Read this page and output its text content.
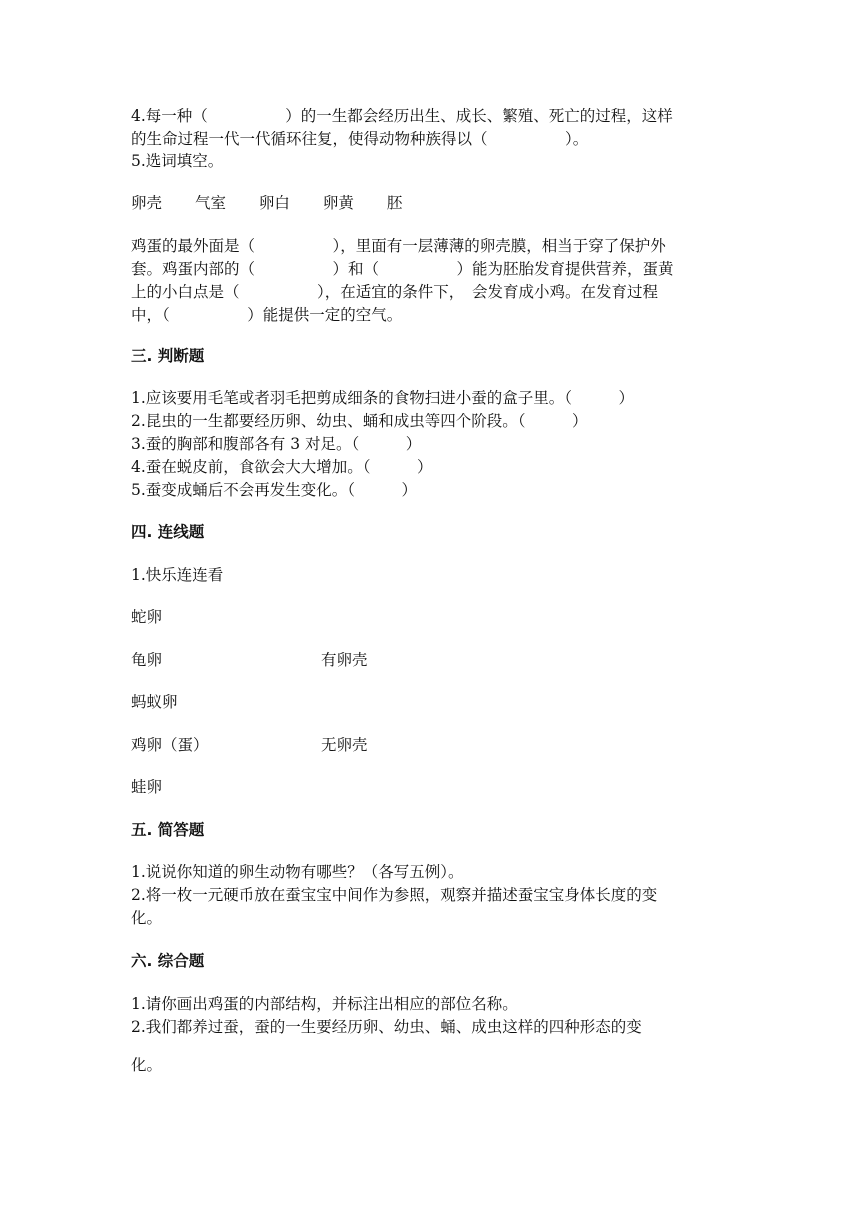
4.每一种（　　　　　）的一生都会经历出生、成长、繁殖、死亡的过程，这样
的生命过程一代一代循环往复，使得动物种族得以（　　　　　）。
5.选词填空。
卵壳 气室 卵白 卵黄 胚
鸡蛋的最外面是（　　　　　），里面有一层薄薄的卵壳膜，相当于穿了保护外
套。鸡蛋内部的（　　　　　）和（　　　　　）能为胚胎发育提供营养，蛋黄
上的小白点是（　　　　　），在适宜的条件下，　会发育成小鸡。在发育过程
中，（　　　　　）能提供一定的空气。
三. 判断题
1.应该要用毛笔或者羽毛把剪成细条的食物扫进小蚕的盒子里。（　　　）
2.昆虫的一生都要经历卵、幼虫、蛹和成虫等四个阶段。（　　　）
3.蚕的胸部和腹部各有 3 对足。（　　　）
4.蚕在蜕皮前，食欲会大大增加。（　　　）
5.蚕变成蛹后不会再发生变化。（　　　）
四. 连线题
1.快乐连连看
蛇卵
龟卵	有卵壳
蚂蚁卵
鸡卵（蛋）	无卵壳
蛙卵
五. 简答题
1.说说你知道的卵生动物有哪些？（各写五例）。
2.将一枚一元硬币放在蚕宝宝中间作为参照，观察并描述蚕宝宝身体长度的变
化。
六. 综合题
1.请你画出鸡蛋的内部结构，并标注出相应的部位名称。
2.我们都养过蚕，蚕的一生要经历卵、幼虫、蛹、成虫这样的四种形态的变
化。
